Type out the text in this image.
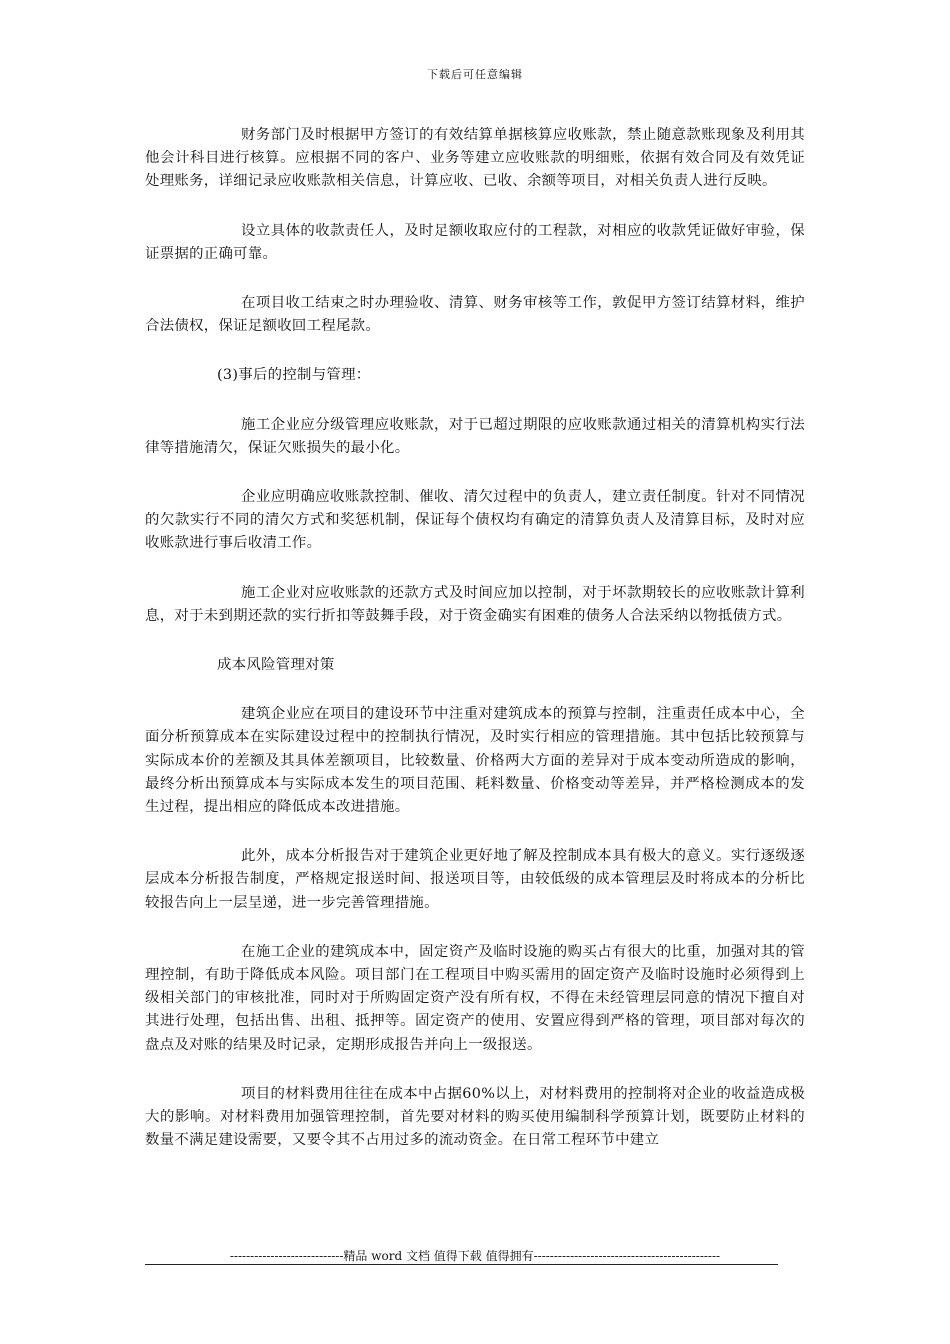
下载后可任意编辑

财务部门及时根据甲方签订的有效结算单据核算应收账款，禁止随意款账现象及利用其他会计科目进行核算。应根据不同的客户、业务等建立应收账款的明细账，依据有效合同及有效凭证处理账务，详细记录应收账款相关信息，计算应收、已收、余额等项目，对相关负责人进行反映。

设立具体的收款责任人，及时足额收取应付的工程款，对相应的收款凭证做好审验，保证票据的正确可靠。

在项目收工结束之时办理验收、清算、财务审核等工作，敦促甲方签订结算材料，维护合法债权，保证足额收回工程尾款。

(3)事后的控制与管理：

施工企业应分级管理应收账款，对于已超过期限的应收账款通过相关的清算机构实行法律等措施清欠，保证欠账损失的最小化。

企业应明确应收账款控制、催收、清欠过程中的负责人，建立责任制度。针对不同情况的欠款实行不同的清欠方式和奖惩机制，保证每个债权均有确定的清算负责人及清算目标，及时对应收账款进行事后收清工作。

施工企业对应收账款的还款方式及时间应加以控制，对于坏款期较长的应收账款计算利息，对于未到期还款的实行折扣等鼓舞手段，对于资金确实有困难的债务人合法采纳以物抵债方式。

成本风险管理对策

建筑企业应在项目的建设环节中注重对建筑成本的预算与控制，注重责任成本中心，全面分析预算成本在实际建设过程中的控制执行情况，及时实行相应的管理措施。其中包括比较预算与实际成本价的差额及其具体差额项目，比较数量、价格两大方面的差异对于成本变动所造成的影响，最终分析出预算成本与实际成本发生的项目范围、耗料数量、价格变动等差异，并严格检测成本的发生过程，提出相应的降低成本改进措施。

此外，成本分析报告对于建筑企业更好地了解及控制成本具有极大的意义。实行逐级逐层成本分析报告制度，严格规定报送时间、报送项目等，由较低级的成本管理层及时将成本的分析比较报告向上一层呈递，进一步完善管理措施。

在施工企业的建筑成本中，固定资产及临时设施的购买占有很大的比重，加强对其的管理控制，有助于降低成本风险。项目部门在工程项目中购买需用的固定资产及临时设施时必须得到上级相关部门的审核批准，同时对于所购固定资产没有所有权，不得在未经管理层同意的情况下擅自对其进行处理，包括出售、出租、抵押等。固定资产的使用、安置应得到严格的管理，项目部对每次的盘点及对账的结果及时记录，定期形成报告并向上一级报送。

项目的材料费用往往在成本中占据60%以上，对材料费用的控制将对企业的收益造成极大的影响。对材料费用加强管理控制，首先要对材料的购买使用编制科学预算计划，既要防止材料的数量不满足建设需要，又要令其不占用过多的流动资金。在日常工程环节中建立

----------------------------精品 word 文档 值得下载 值得拥有----------------------------------------------
